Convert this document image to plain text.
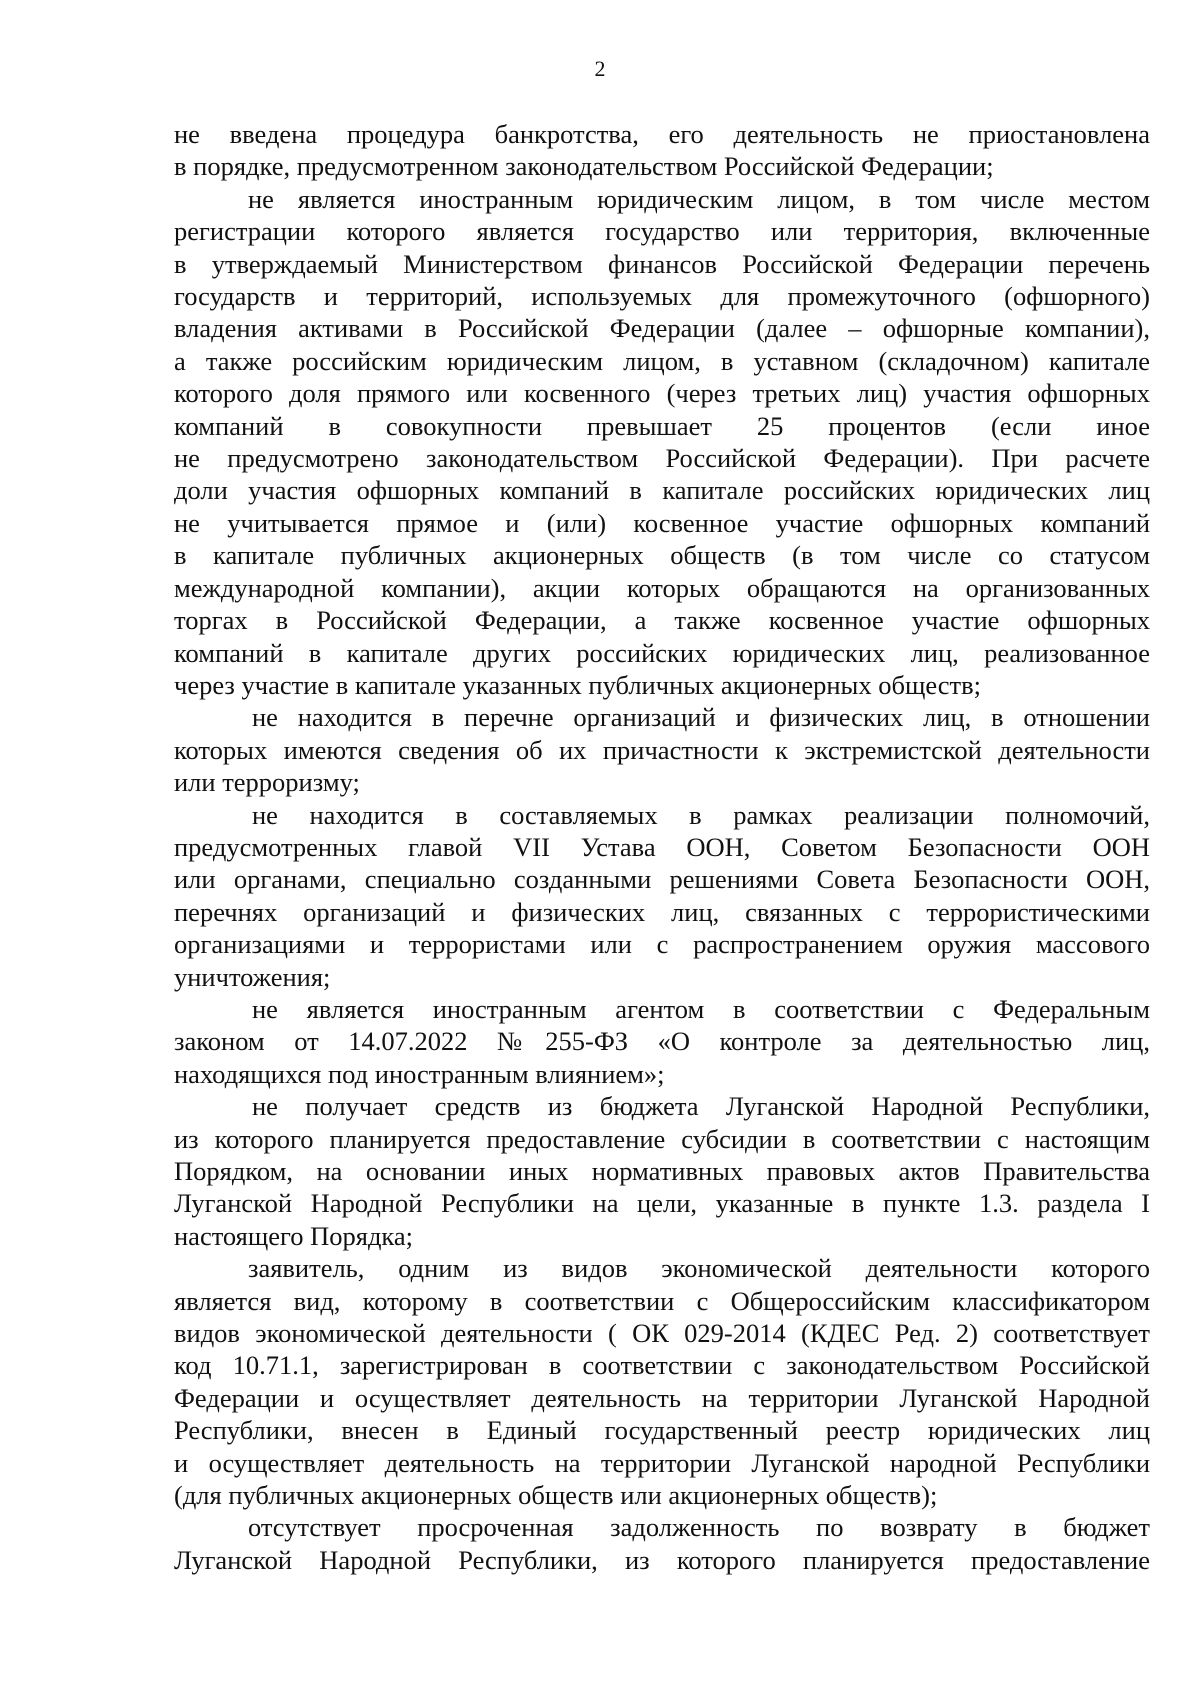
2

не введена процедура банкротства, его деятельность не приостановлена
в порядке, предусмотренном законодательством Российской Федерации;

не является иностранным юридическим лицом, в том числе местом
регистрации которого является государство или территория, включенные
в утверждаемый Министерством финансов Российской Федерации перечень
государств и территорий, используемых для промежуточного (офшорного)
владения активами в Российской Федерации (далее – офшорные компании),
а также российским юридическим лицом, в уставном (складочном) капитале
которого доля прямого или косвенного (через третьих лиц) участия офшорных
компаний в совокупности превышает 25 процентов (если иное
не предусмотрено законодательством Российской Федерации). При расчете
доли участия офшорных компаний в капитале российских юридических лиц
не учитывается прямое и (или) косвенное участие офшорных компаний
в капитале публичных акционерных обществ (в том числе со статусом
международной компании), акции которых обращаются на организованных
торгах в Российской Федерации, а также косвенное участие офшорных
компаний в капитале других российских юридических лиц, реализованное
через участие в капитале указанных публичных акционерных обществ;

не находится в перечне организаций и физических лиц, в отношении
которых имеются сведения об их причастности к экстремистской деятельности
или терроризму;

не находится в составляемых в рамках реализации полномочий,
предусмотренных главой VII Устава ООН, Советом Безопасности ООН
или органами, специально созданными решениями Совета Безопасности ООН,
перечнях организаций и физических лиц, связанных с террористическими
организациями и террористами или с распространением оружия массового
уничтожения;

не является иностранным агентом в соответствии с Федеральным
законом от 14.07.2022 №255-ФЗ «О контроле за деятельностью лиц,
находящихся под иностранным влиянием»;

не получает средств из бюджета Луганской Народной Республики,
из которого планируется предоставление субсидии в соответствии с настоящим
Порядком, на основании иных нормативных правовых актов Правительства
Луганской Народной Республики на цели, указанные в пункте 1.3. раздела I
настоящего Порядка;

заявитель, одним из видов экономической деятельности которого
является вид, которому в соответствии с Общероссийским классификатором
видов экономической деятельности ( ОК 029-2014 (КДЕС Ред. 2) соответствует
код 10.71.1, зарегистрирован в соответствии с законодательством Российской
Федерации и осуществляет деятельность на территории Луганской Народной
Республики, внесен в Единый государственный реестр юридических лиц
и осуществляет деятельность на территории Луганской народной Республики
(для публичных акционерных обществ или акционерных обществ);

отсутствует просроченная задолженность по возврату в бюджет
Луганской Народной Республики, из которого планируется предоставление
